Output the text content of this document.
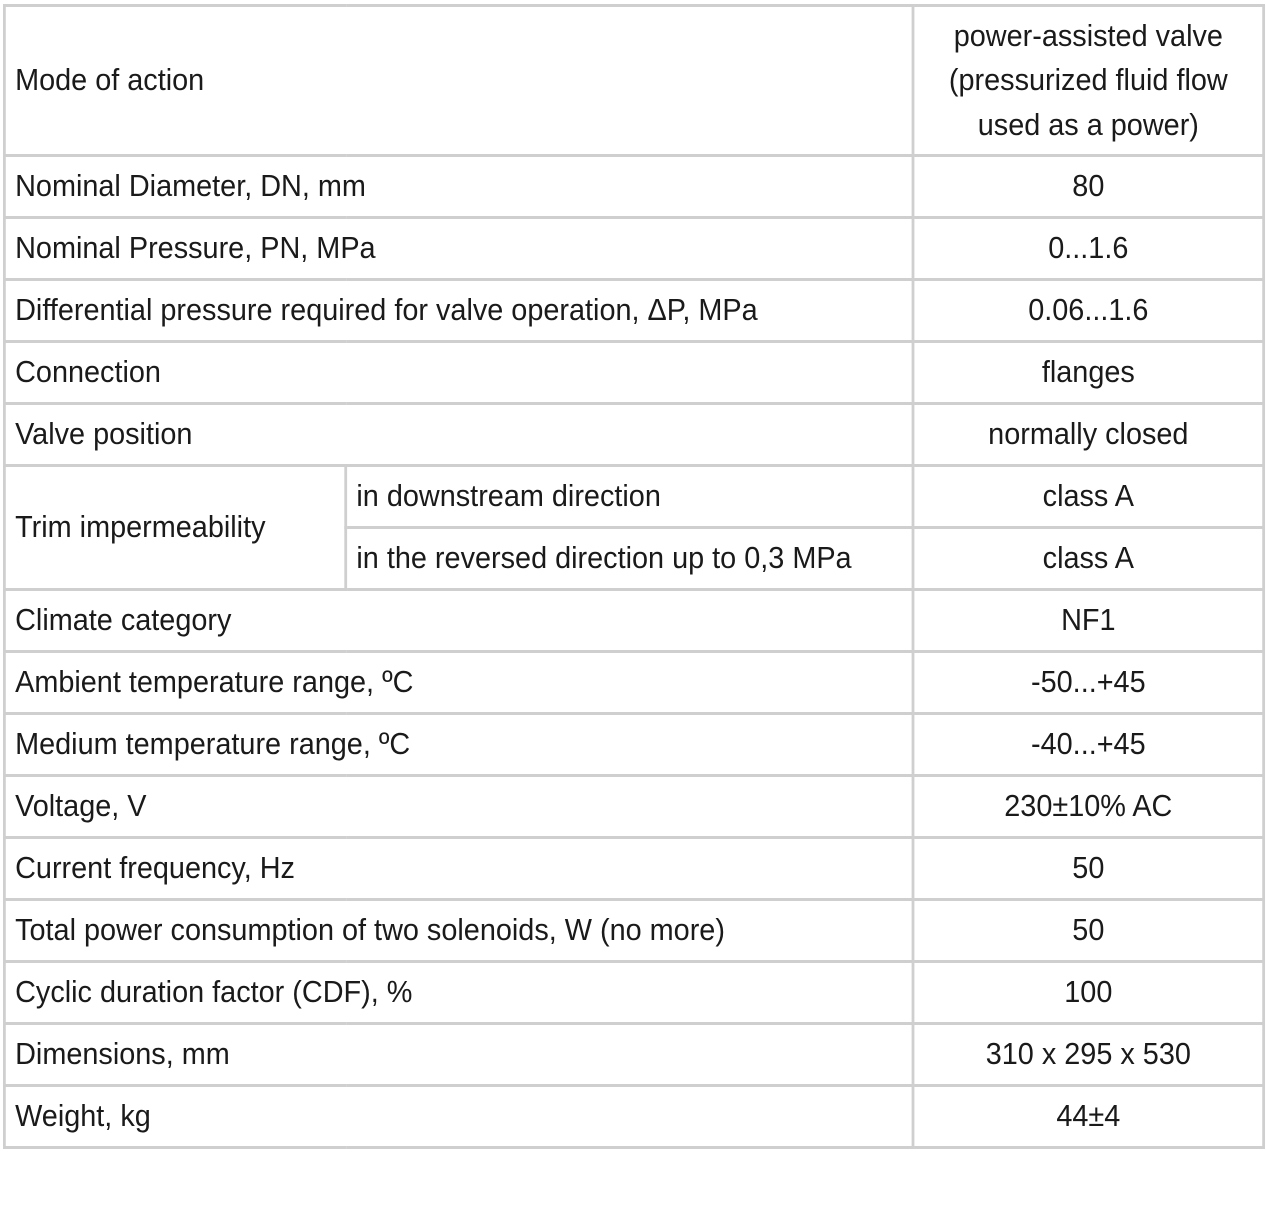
Mode of action		power-assisted valve (pressurized fluid flow used as a power)
Nominal Diameter, DN, mm		80
Nominal Pressure, PN, MPa		0...1.6
Differential pressure required for valve operation, ΔP, MPa		0.06...1.6
Connection		flanges
Valve position		normally closed
Trim impermeability	in downstream direction	class A
	in the reversed direction up to 0,3 MPa	class A
Climate category		NF1
Ambient temperature range, ºC		-50...+45
Medium temperature range, ºC		-40...+45
Voltage, V		230±10% AC
Current frequency, Hz		50
Total power consumption of two solenoids, W (no more)		50
Cyclic duration factor (CDF), %		100
Dimensions, mm		310 x 295 x 530
Weight, kg		44±4
